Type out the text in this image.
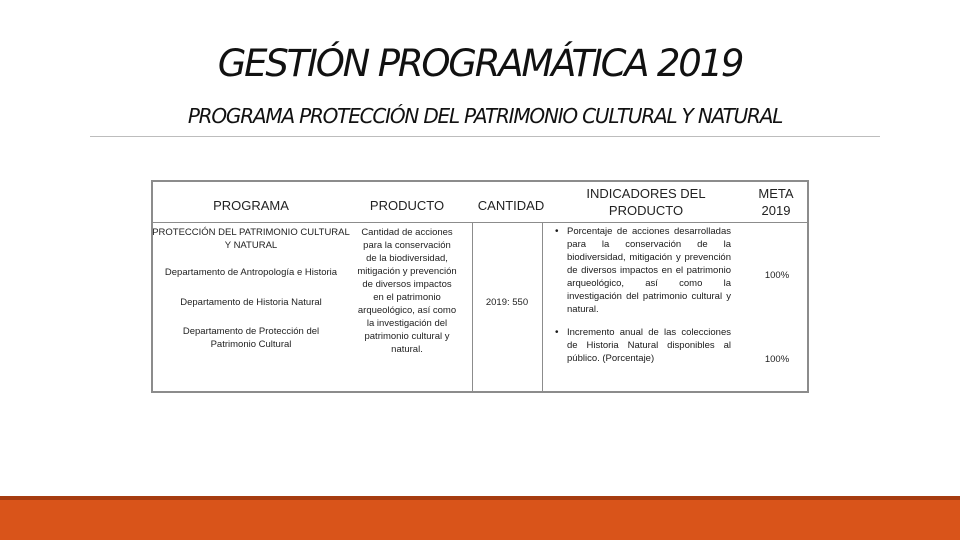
GESTIÓN PROGRAMÁTICA 2019
PROGRAMA PROTECCIÓN DEL PATRIMONIO CULTURAL Y NATURAL
PROGRAMA	PRODUCTO	CANTIDAD
INDICADORES DEL
PRODUCTO
META
2019
PROTECCIÓN DEL PATRIMONIO CULTURAL Y NATURAL
Departamento de Antropología e Historia
Departamento de Historia Natural
Departamento de Protección del Patrimonio Cultural
Cantidad de acciones para la conservación de la biodiversidad, mitigación y prevención de diversos impactos en el patrimonio arqueológico, así como la investigación del patrimonio cultural y natural.
2019: 550
• Porcentaje de acciones desarrolladas para la conservación de la biodiversidad, mitigación y prevención de diversos impactos en el patrimonio arqueológico, así como la investigación del patrimonio cultural y natural.
• Incremento anual de las colecciones de Historia Natural disponibles al público. (Porcentaje)
100%
100%
